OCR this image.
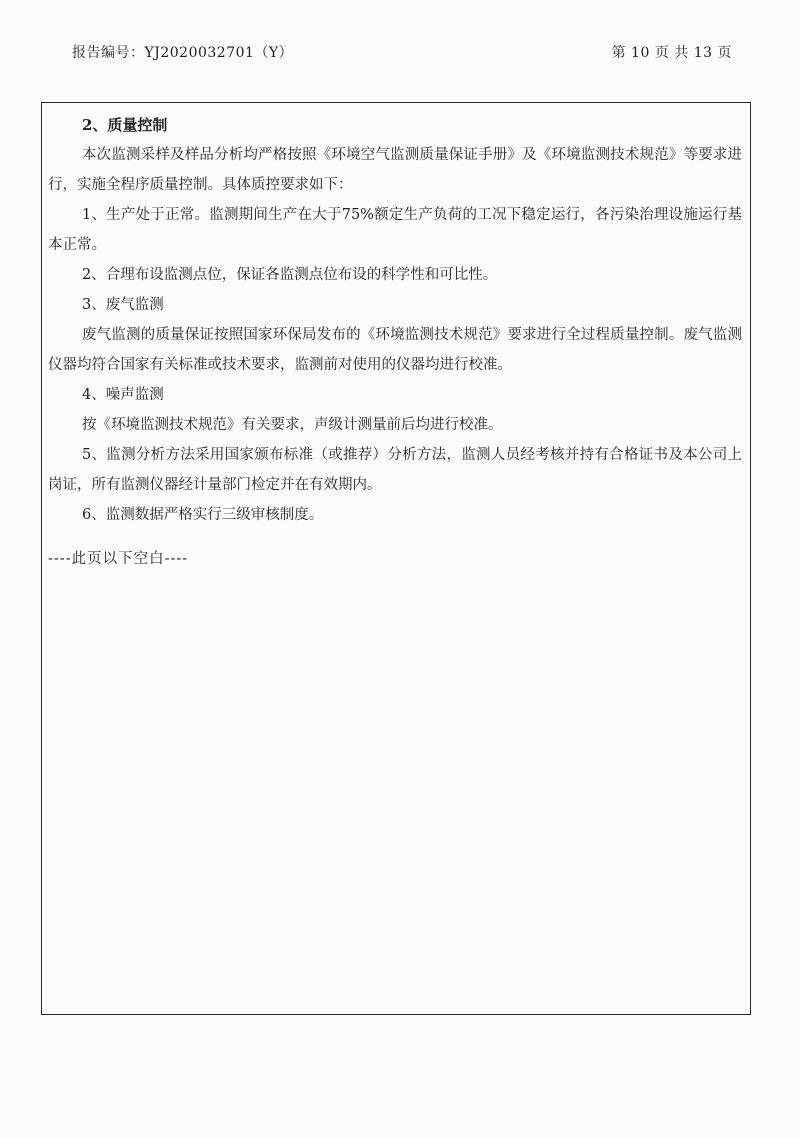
报告编号：YJ2020032701（Y）	第 10 页 共 13 页

2、质量控制

本次监测采样及样品分析均严格按照《环境空气监测质量保证手册》及《环境监测技术规范》等要求进行，实施全程序质量控制。具体质控要求如下：

1、生产处于正常。监测期间生产在大于75%额定生产负荷的工况下稳定运行，各污染治理设施运行基本正常。

2、合理布设监测点位，保证各监测点位布设的科学性和可比性。

3、废气监测

废气监测的质量保证按照国家环保局发布的《环境监测技术规范》要求进行全过程质量控制。废气监测仪器均符合国家有关标准或技术要求，监测前对使用的仪器均进行校准。

4、噪声监测

按《环境监测技术规范》有关要求，声级计测量前后均进行校准。

5、监测分析方法采用国家颁布标准（或推荐）分析方法，监测人员经考核并持有合格证书及本公司上岗证，所有监测仪器经计量部门检定并在有效期内。

6、监测数据严格实行三级审核制度。

----此页以下空白----
